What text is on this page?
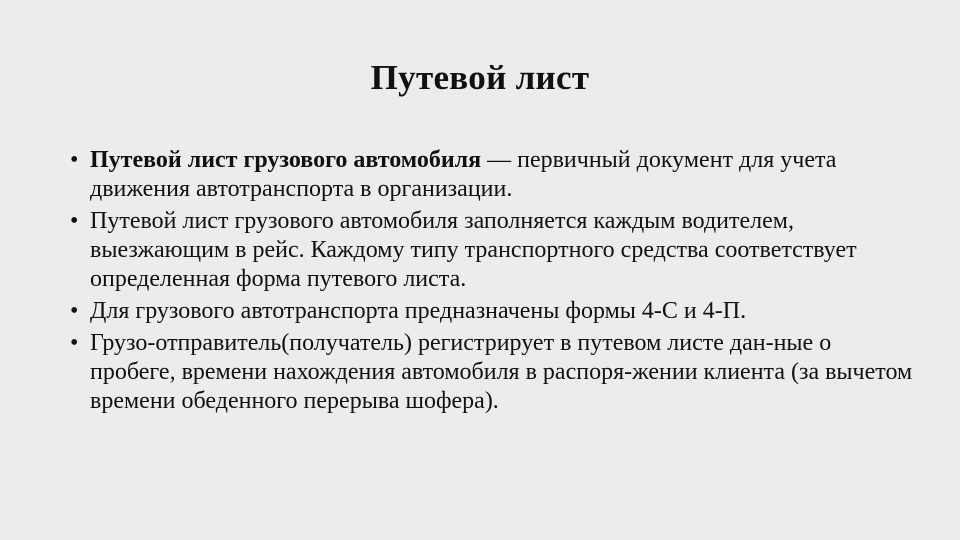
Путевой лист
• Путевой лист грузового автомобиля — первичный документ для учета движения автотранспорта в организации.
• Путевой лист грузового автомобиля заполняется каждым водителем, выезжающим в рейс. Каждому типу транспортного средства соответствует определенная форма путевого листа.
• Для грузового автотранспорта предназначены формы 4-С и 4-П.
• Грузо-отправитель(получатель) регистрирует в путевом листе дан-ные о пробеге, времени нахождения автомобиля в распоря-жении клиента (за вычетом времени обеденного перерыва шофера).
